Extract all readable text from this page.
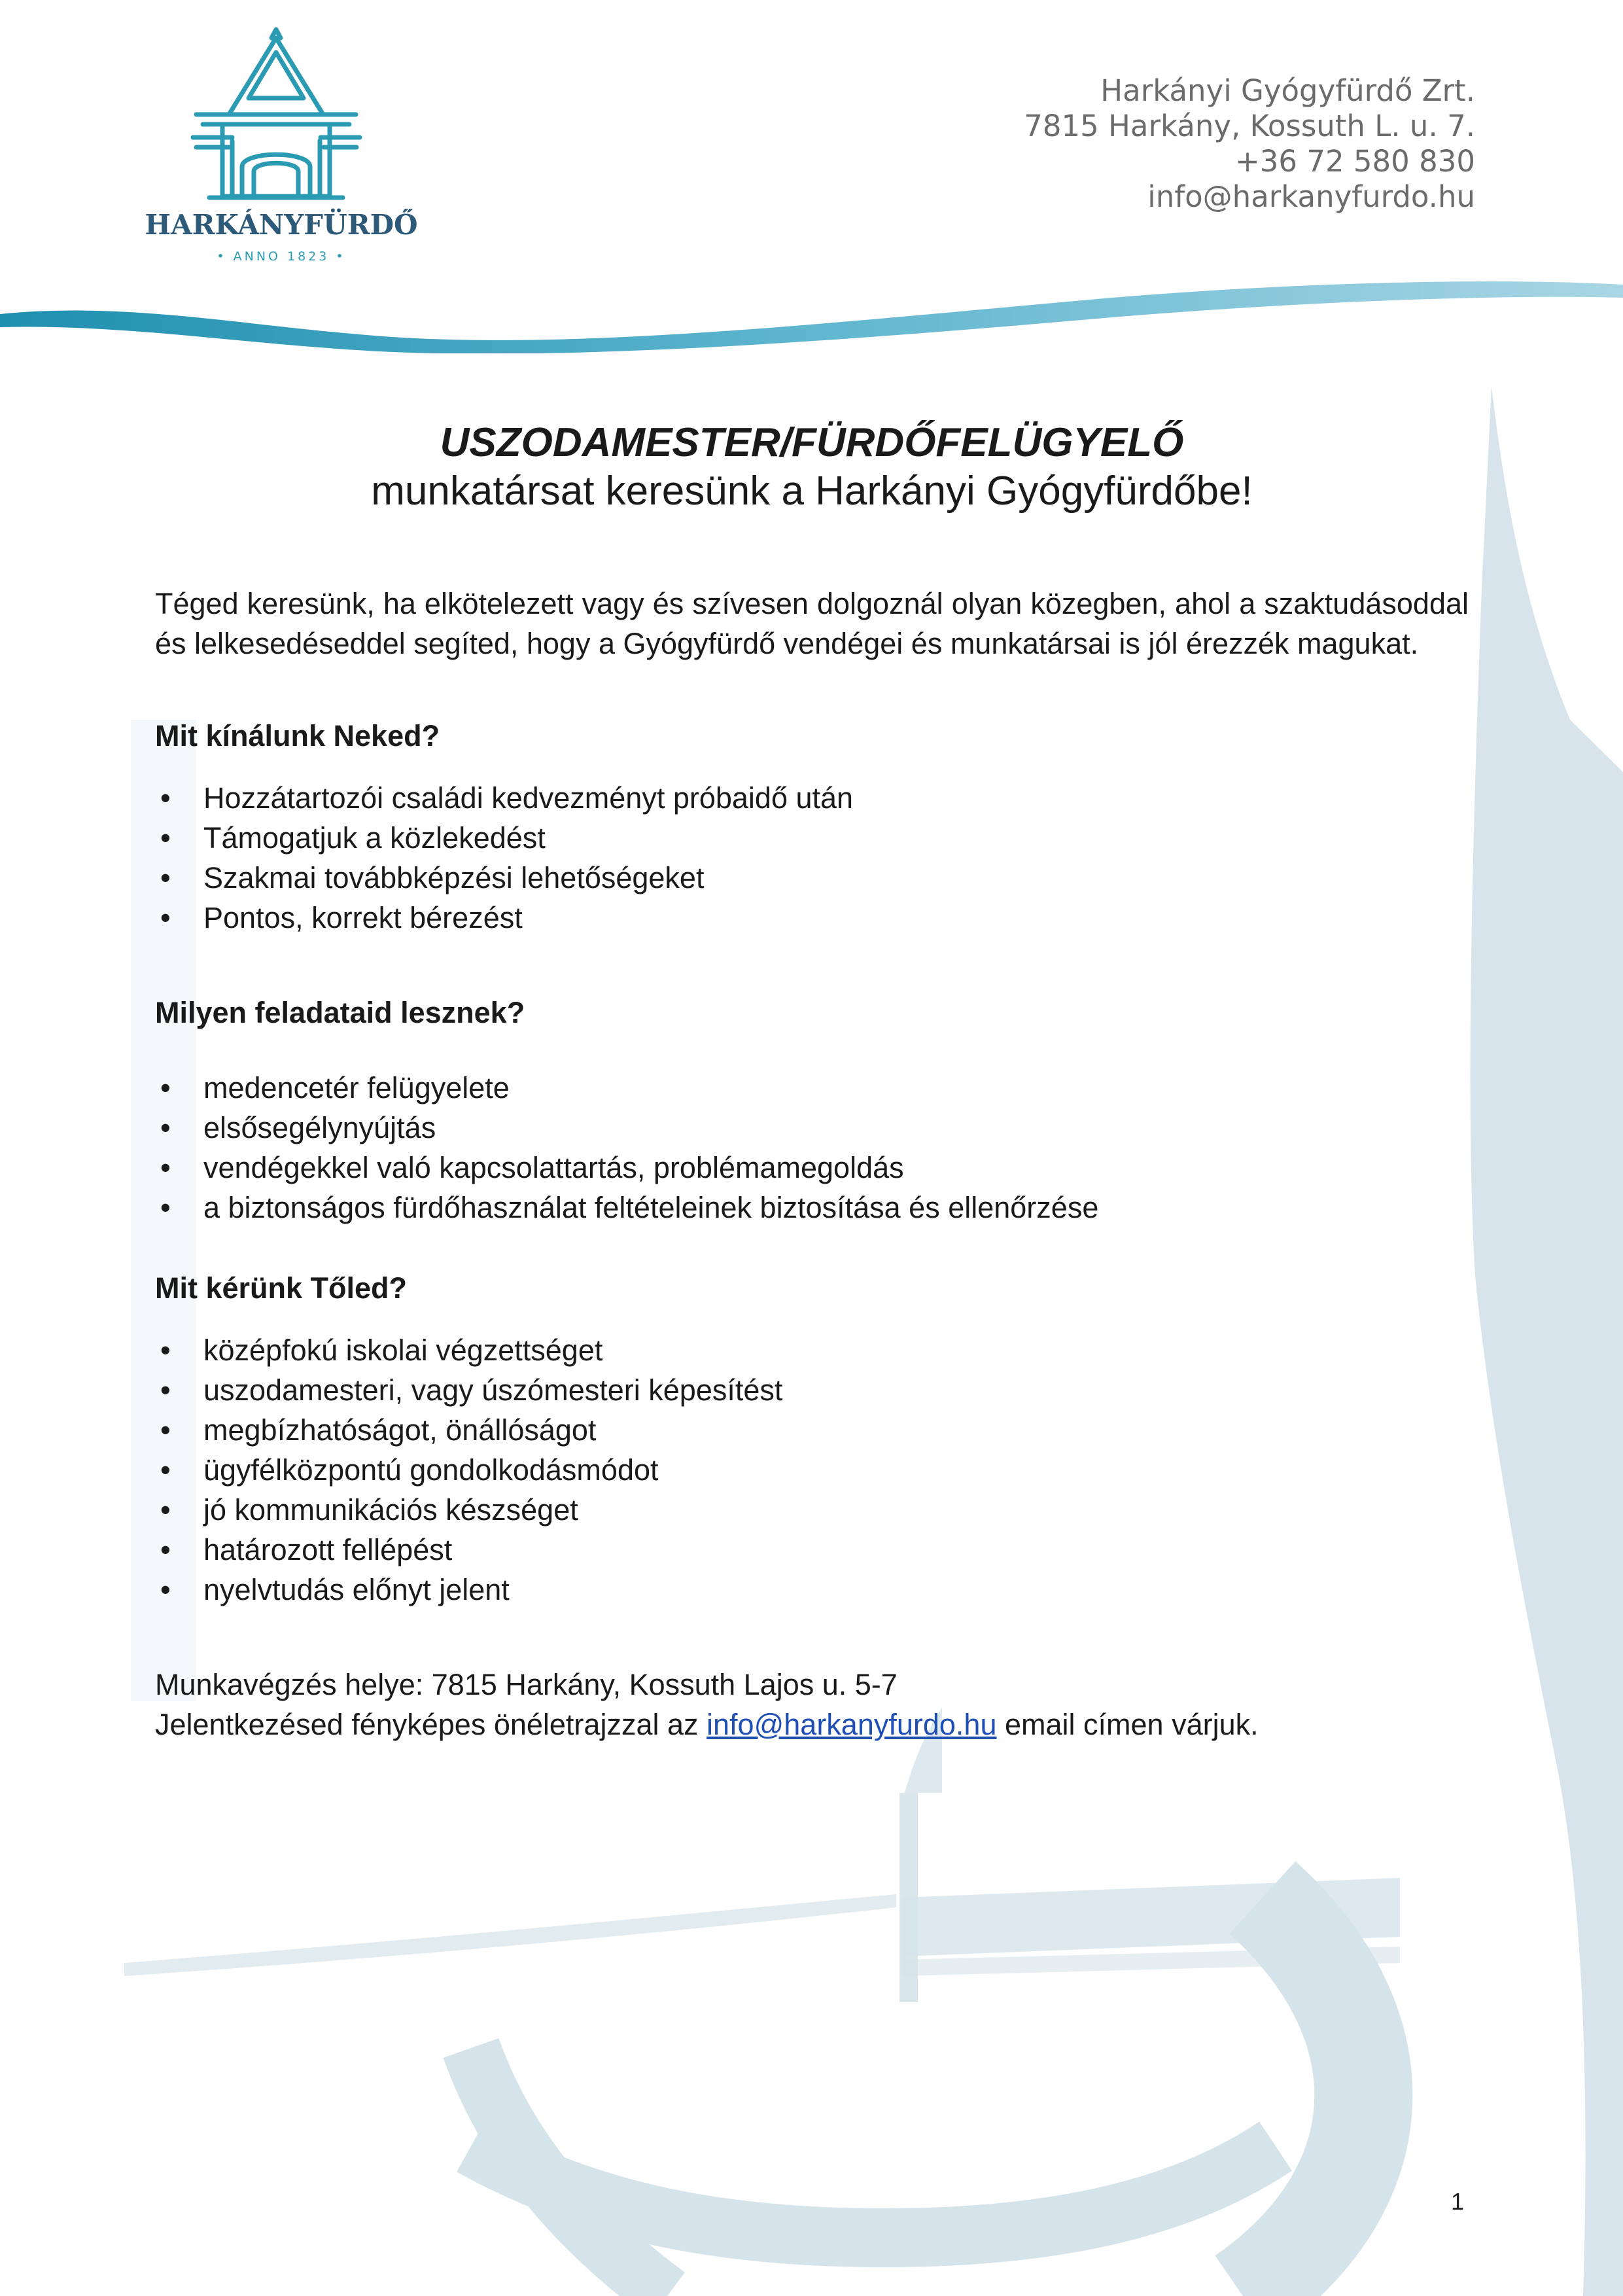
HARKÁNYFÜRDŐ
• ANNO 1823 •
Harkányi Gyógyfürdő Zrt.
7815 Harkány, Kossuth L. u. 7.
+36 72 580 830
info@harkanyfurdo.hu
USZODAMESTER/FÜRDŐFELÜGYELŐ

munkatársat keresünk a Harkányi Gyógyfürdőbe!

Téged keresünk, ha elkötelezett vagy és szívesen dolgoznál olyan közegben, ahol a szaktudásoddal és lelkesedéseddel segíted, hogy a Gyógyfürdő vendégei és munkatársai is jól érezzék magukat.

Mit kínálunk Neked?
• Hozzátartozói családi kedvezményt próbaidő után
• Támogatjuk a közlekedést
• Szakmai továbbképzési lehetőségeket
• Pontos, korrekt bérezést
Milyen feladataid lesznek?
• medencetér felügyelete
• elsősegélynyújtás
• vendégekkel való kapcsolattartás, problémamegoldás
• a biztonságos fürdőhasználat feltételeinek biztosítása és ellenőrzése
Mit kérünk Tőled?
• középfokú iskolai végzettséget
• uszodamesteri, vagy úszómesteri képesítést
• megbízhatóságot, önállóságot
• ügyfélközpontú gondolkodásmódot
• jó kommunikációs készséget
• határozott fellépést
• nyelvtudás előnyt jelent
Munkavégzés helye: 7815 Harkány, Kossuth Lajos u. 5-7
Jelentkezésed fényképes önéletrajzzal az info@harkanyfurdo.hu email címen várjuk.
1
